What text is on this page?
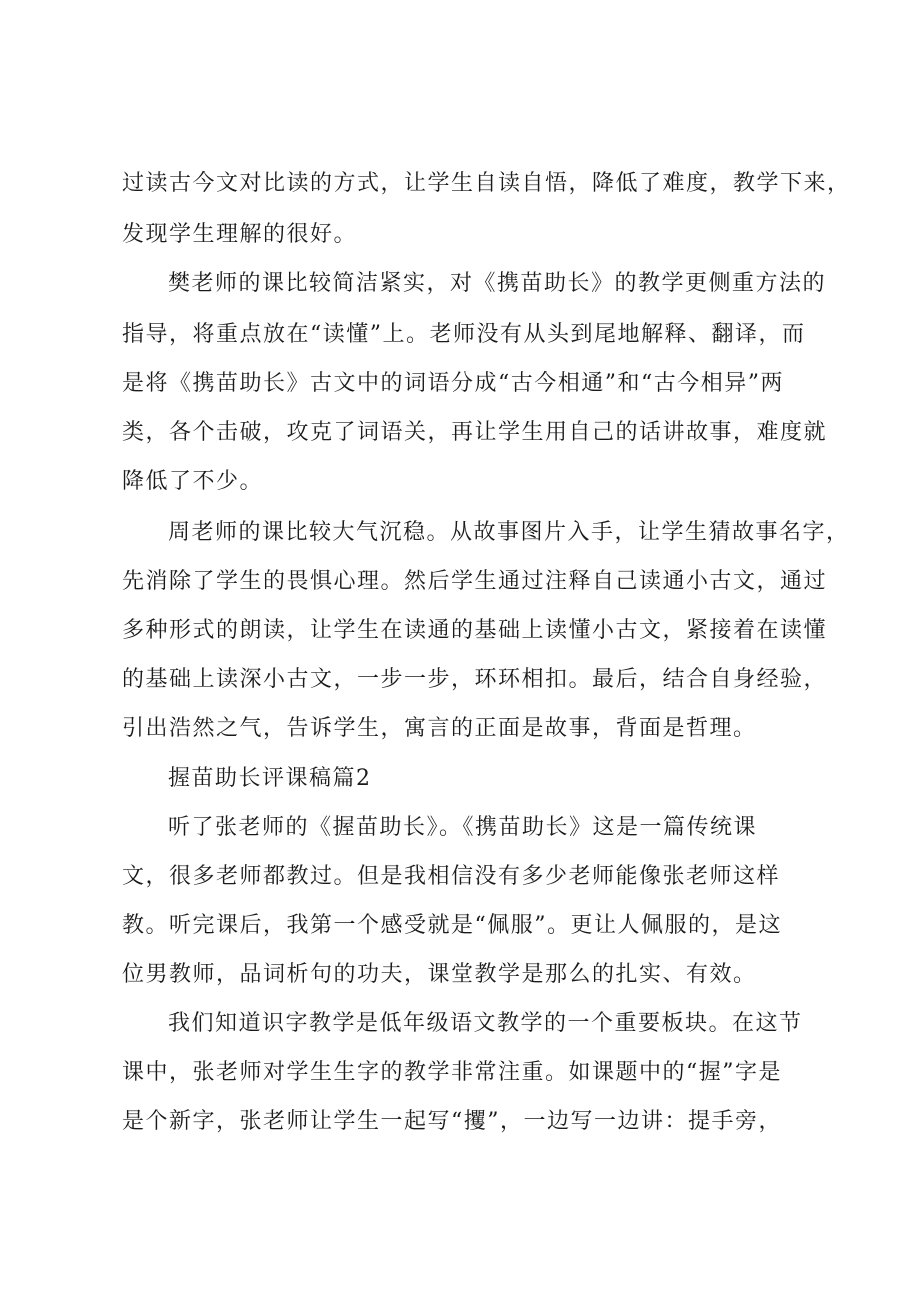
过读古今文对比读的方式，让学生自读自悟，降低了难度，教学下来，
发现学生理解的很好。
樊老师的课比较简洁紧实，对《携苗助长》的教学更侧重方法的
指导，将重点放在“读懂”上。老师没有从头到尾地解释、翻译，而
是将《携苗助长》古文中的词语分成“古今相通”和“古今相异”两
类，各个击破，攻克了词语关，再让学生用自己的话讲故事，难度就
降低了不少。
周老师的课比较大气沉稳。从故事图片入手，让学生猜故事名字，
先消除了学生的畏惧心理。然后学生通过注释自己读通小古文，通过
多种形式的朗读，让学生在读通的基础上读懂小古文，紧接着在读懂
的基础上读深小古文，一步一步，环环相扣。最后，结合自身经验，
引出浩然之气，告诉学生，寓言的正面是故事，背面是哲理。
握苗助长评课稿篇2
听了张老师的《握苗助长》。《携苗助长》这是一篇传统课
文，很多老师都教过。但是我相信没有多少老师能像张老师这样
教。听完课后，我第一个感受就是“佩服”。更让人佩服的，是这
位男教师，品词析句的功夫，课堂教学是那么的扎实、有效。
我们知道识字教学是低年级语文教学的一个重要板块。在这节
课中，张老师对学生生字的教学非常注重。如课题中的“握”字是
是个新字，张老师让学生一起写“攫”，一边写一边讲：提手旁，
